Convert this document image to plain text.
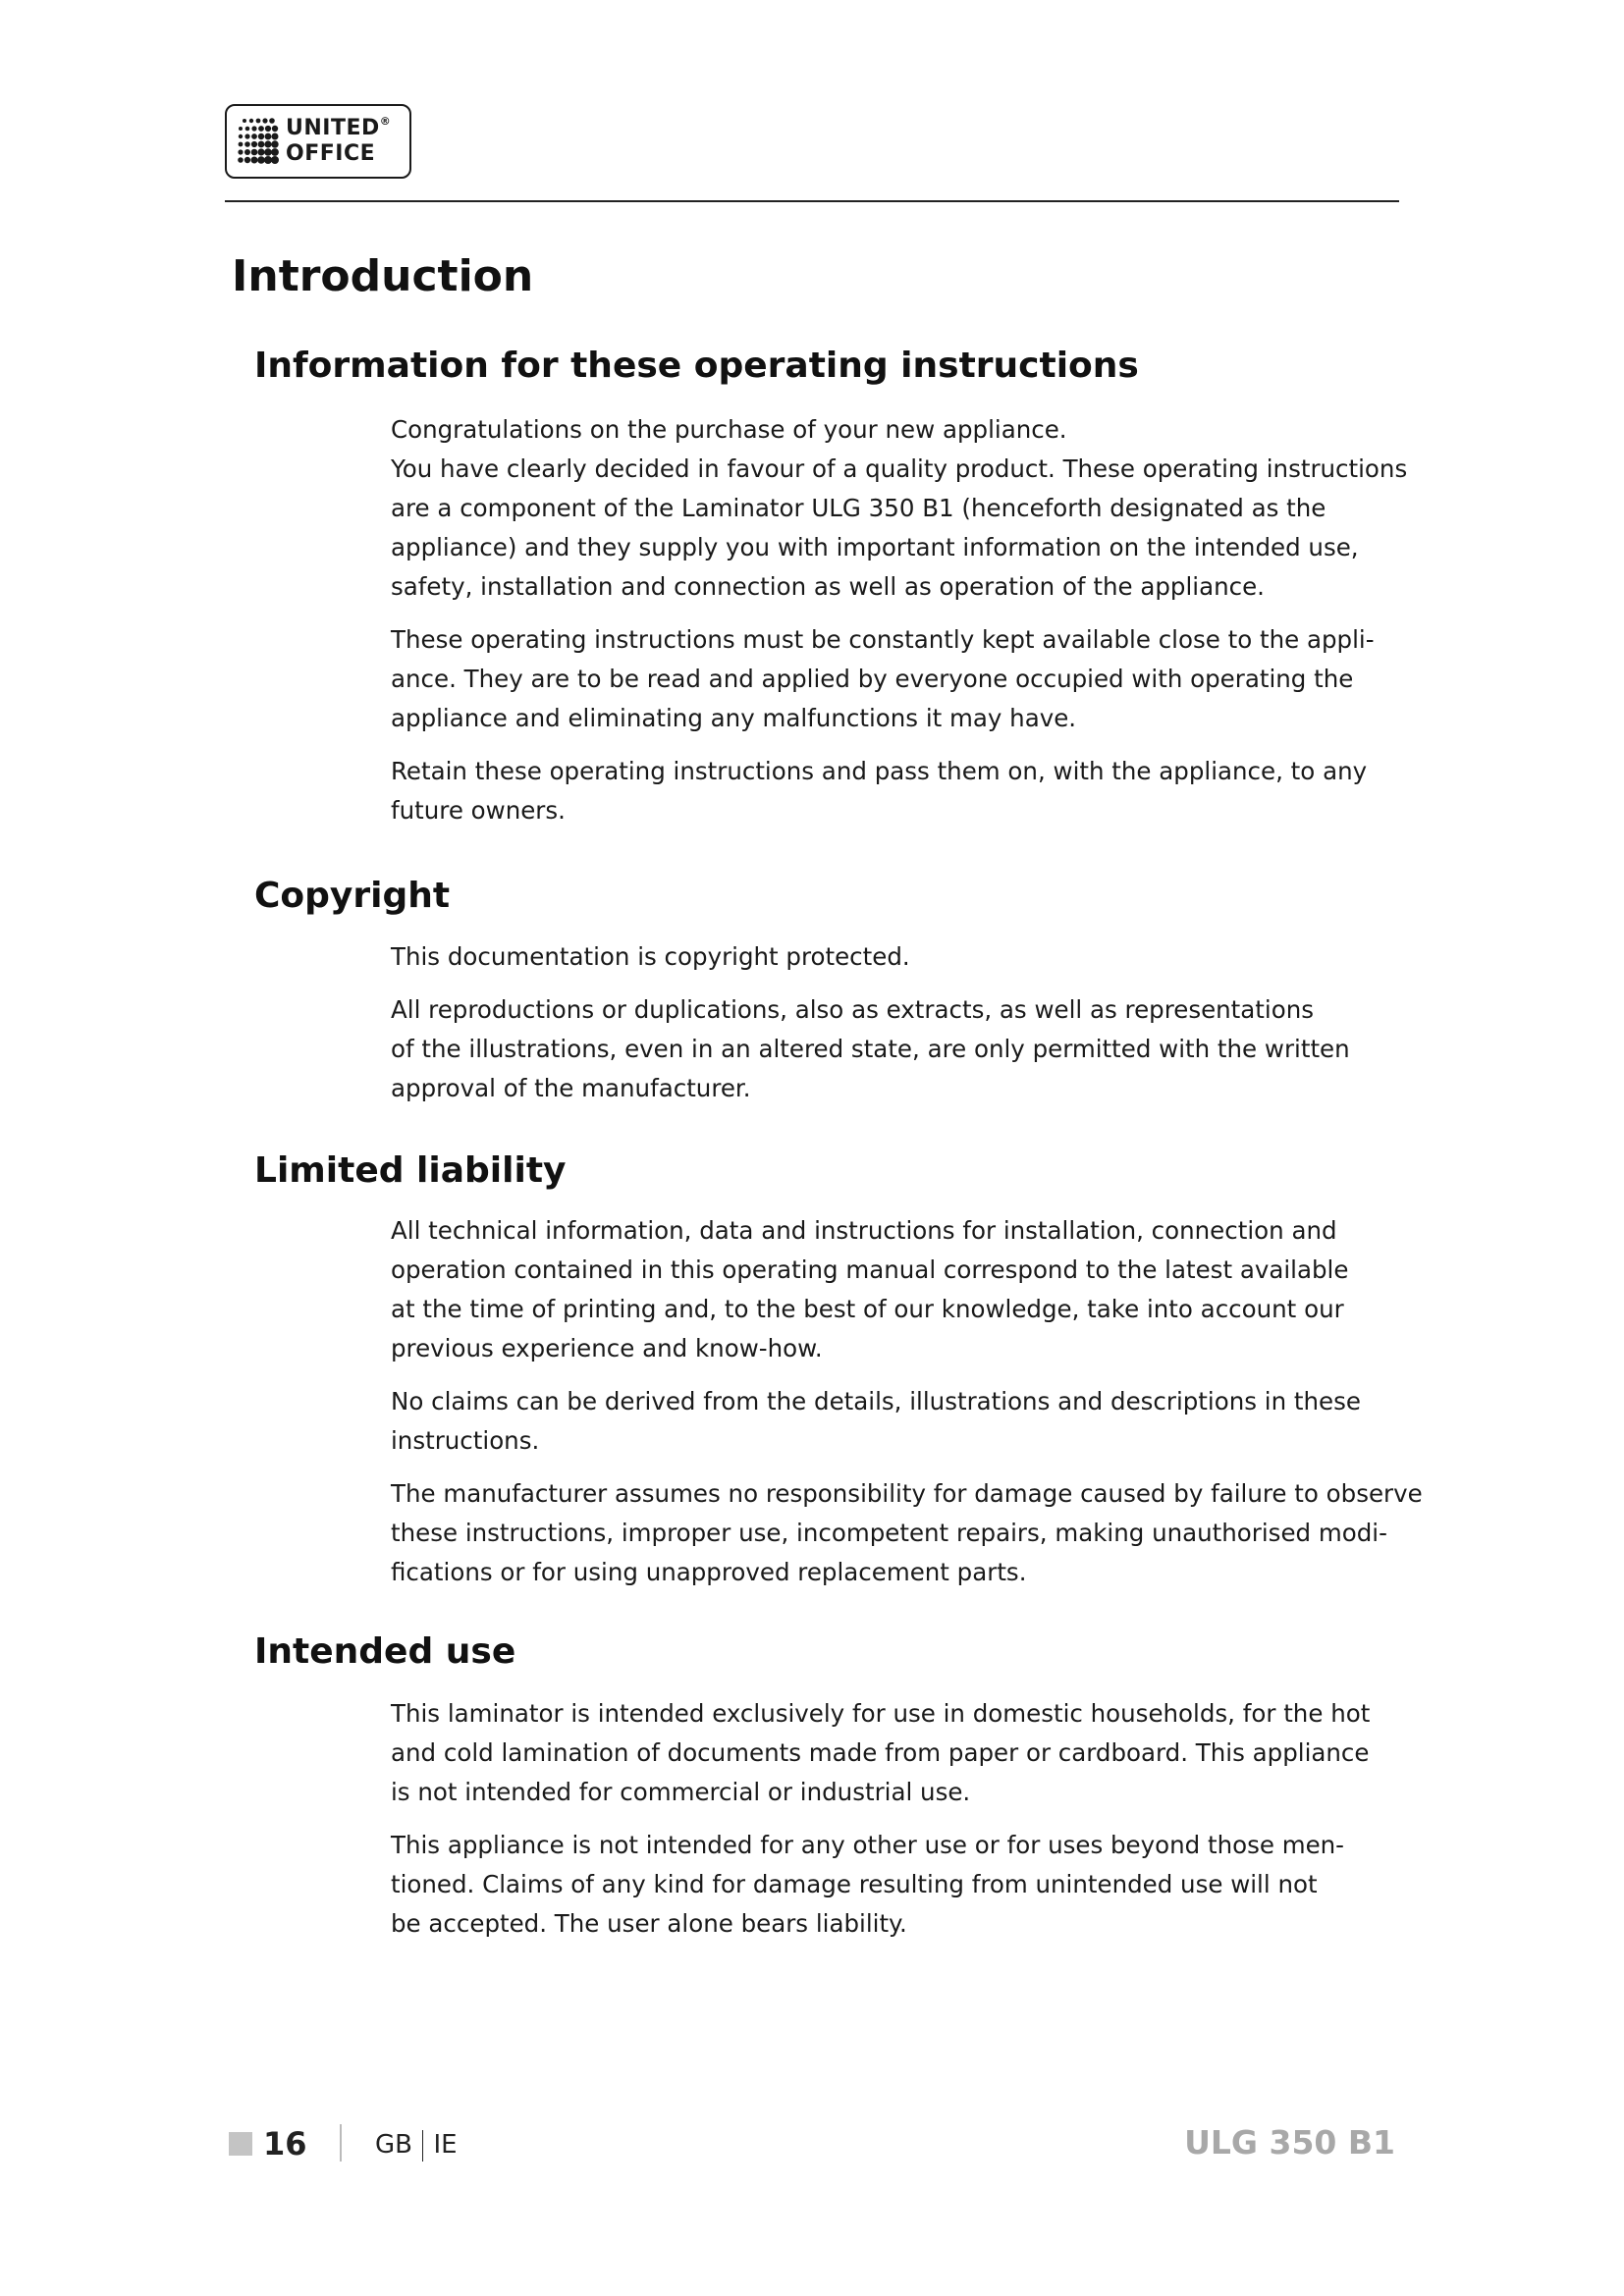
UNITED®
OFFICE
Introduction
Information for these operating instructions

Congratulations on the purchase of your new appliance.
You have clearly decided in favour of a quality product. These operating instructions
are a component of the Laminator ULG 350 B1 (henceforth designated as the
appliance) and they supply you with important information on the intended use,
safety, installation and connection as well as operation of the appliance.

These operating instructions must be constantly kept available close to the appli-
ance. They are to be read and applied by everyone occupied with operating the
appliance and eliminating any malfunctions it may have.

Retain these operating instructions and pass them on, with the appliance, to any
future owners.

Copyright

This documentation is copyright protected.

All reproductions or duplications, also as extracts, as well as representations
of the illustrations, even in an altered state, are only permitted with the written
approval of the manufacturer.

Limited liability

All technical information, data and instructions for installation, connection and
operation contained in this operating manual correspond to the latest available
at the time of printing and, to the best of our knowledge, take into account our
previous experience and know-how.

No claims can be derived from the details, illustrations and descriptions in these
instructions.

The manufacturer assumes no responsibility for damage caused by failure to observe
these instructions, improper use, incompetent repairs, making unauthorised modi-
fications or for using unapproved replacement parts.

Intended use

This laminator is intended exclusively for use in domestic households, for the hot
and cold lamination of documents made from paper or cardboard. This appliance
is not intended for commercial or industrial use.

This appliance is not intended for any other use or for uses beyond those men-
tioned. Claims of any kind for damage resulting from unintended use will not
be accepted. The user alone bears liability.

16	GB IE	ULG 350 B1
